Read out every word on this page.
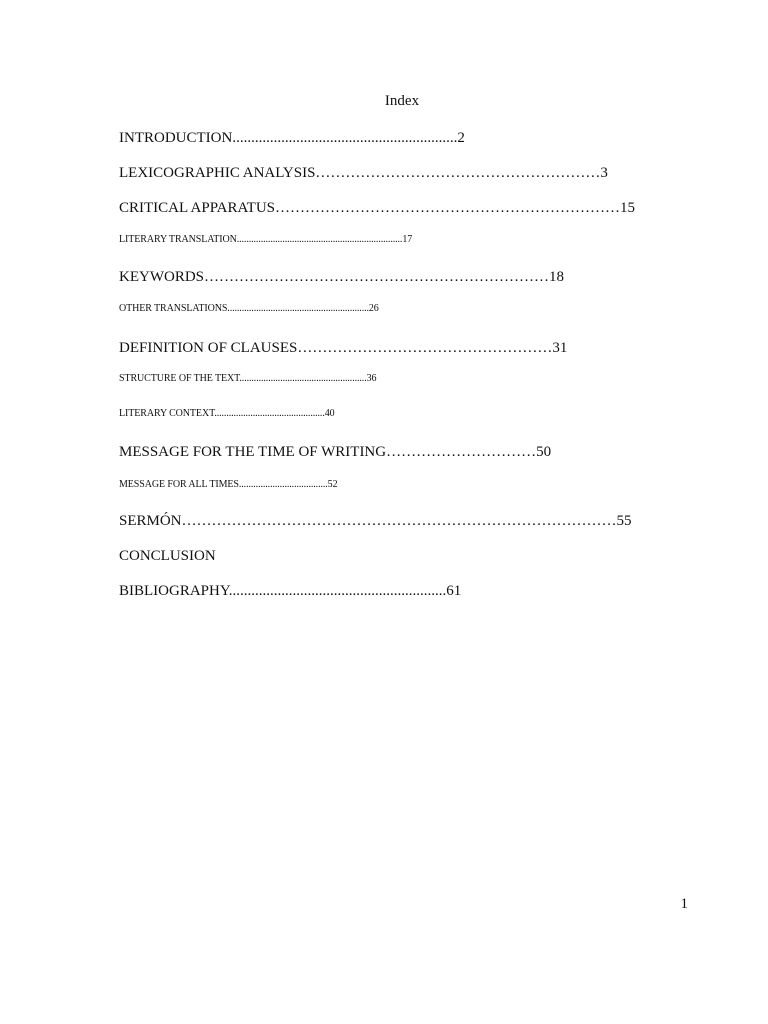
Index
INTRODUCTION............................................................2
LEXICOGRAPHIC ANALYSIS…………………………………………………3
CRITICAL APPARATUS……………………………………………………………15
LITERARY TRANSLATION.....................................................................17
KEYWORDS……………………………………………………………18
OTHER TRANSLATIONS...........................................................26
DEFINITION OF CLAUSES……………………………………………31
STRUCTURE OF THE TEXT.....................................................36
LITERARY CONTEXT..............................................40
MESSAGE FOR THE TIME OF WRITING…………………………50
MESSAGE FOR ALL TIMES.....................................52
SERMÓN……………………………………………………………………………55
CONCLUSION
BIBLIOGRAPHY..........................................................61
1
